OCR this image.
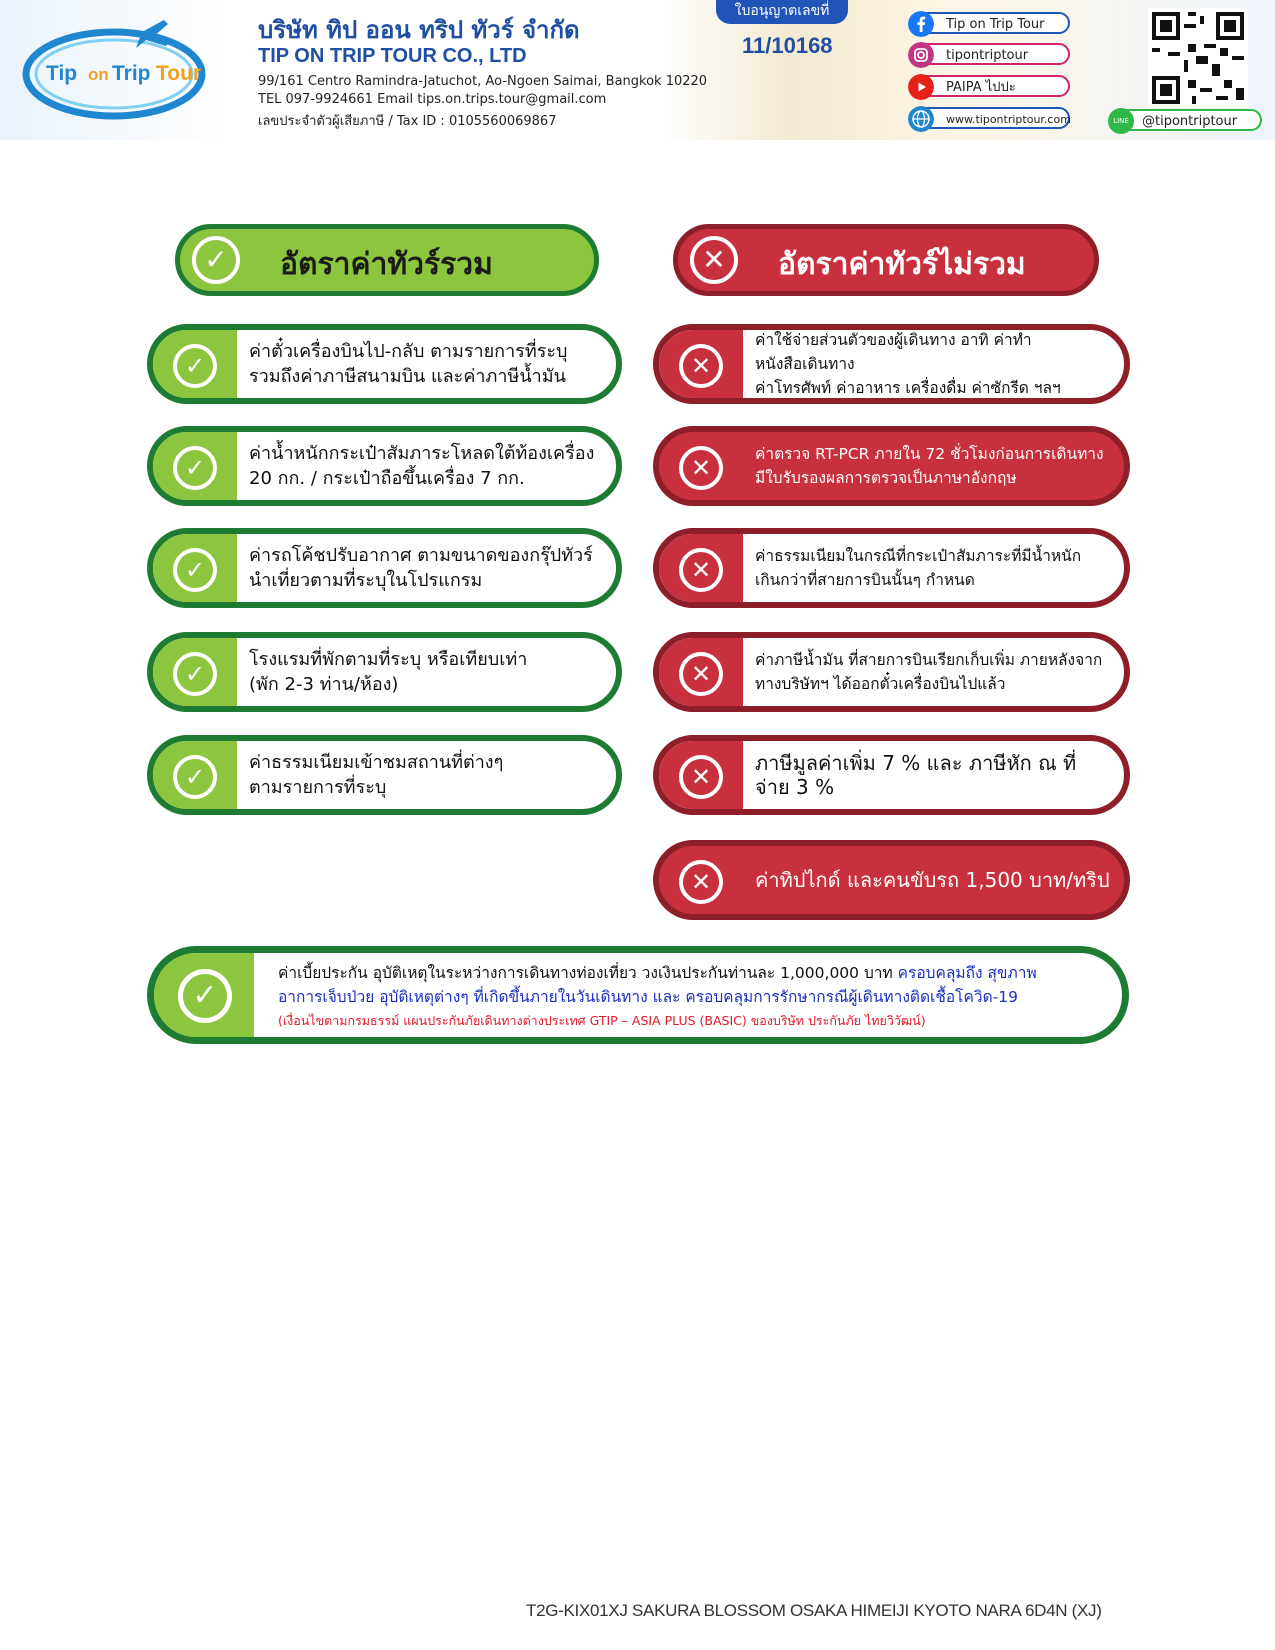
Tip on Trip Tour
บริษัท ทิป ออน ทริป ทัวร์ จำกัด
TIP ON TRIP TOUR CO., LTD
99/161 Centro Ramindra-Jatuchot, Ao-Ngoen Saimai, Bangkok 10220
TEL 097-9924661 Email tips.on.trips.tour@gmail.com
เลขประจำตัวผู้เสียภาษี / Tax ID : 0105560069867
ใบอนุญาตเลขที่
11/10168
Tip on Trip Tour
tipontriptour
PAIPA ไปปะ
www.tipontriptour.com	LINE	@tipontriptour
✓	อัตราค่าทัวร์รวม	✕	อัตราค่าทัวร์ไม่รวม
✓
ค่าตั๋วเครื่องบินไป-กลับ ตามรายการที่ระบุ
รวมถึงค่าภาษีสนามบิน และค่าภาษีน้ำมัน
✓
ค่าน้ำหนักกระเป๋าสัมภาระโหลดใต้ท้องเครื่อง
20 กก. / กระเป๋าถือขึ้นเครื่อง 7 กก.
✓
ค่ารถโค้ชปรับอากาศ ตามขนาดของกรุ๊ปทัวร์
นำเที่ยวตามที่ระบุในโปรแกรม
✓
โรงแรมที่พักตามที่ระบุ หรือเทียบเท่า
(พัก 2-3 ท่าน/ห้อง)
✓
ค่าธรรมเนียมเข้าชมสถานที่ต่างๆ
ตามรายการที่ระบุ
✕
ค่าใช้จ่ายส่วนตัวของผู้เดินทาง อาทิ ค่าทำหนังสือเดินทาง
ค่าโทรศัพท์ ค่าอาหาร เครื่องดื่ม ค่าซักรีด ฯลฯ
✕	ค่าตรวจ RT-PCR ภายใน 72 ชั่วโมงก่อนการเดินทาง
มีใบรับรองผลการตรวจเป็นภาษาอังกฤษ
✕	ค่าธรรมเนียมในกรณีที่กระเป๋าสัมภาระที่มีน้ำหนัก
เกินกว่าที่สายการบินนั้นๆ กำหนด
✕	ค่าภาษีน้ำมัน ที่สายการบินเรียกเก็บเพิ่ม ภายหลังจาก
ทางบริษัทฯ ได้ออกตั๋วเครื่องบินไปแล้ว
✕	ภาษีมูลค่าเพิ่ม 7 % และ ภาษีหัก ณ ที่จ่าย 3 %
✕	ค่าทิปไกด์ และคนขับรถ 1,500 บาท/ทริป
✓
ค่าเบี้ยประกัน อุบัติเหตุในระหว่างการเดินทางท่องเที่ยว วงเงินประกันท่านละ 1,000,000 บาท ครอบคลุมถึง สุขภาพ
อาการเจ็บป่วย อุบัติเหตุต่างๆ ที่เกิดขึ้นภายในวันเดินทาง และ ครอบคลุมการรักษากรณีผู้เดินทางติดเชื้อโควิด-19
(เงื่อนไขตามกรมธรรม์ แผนประกันภัยเดินทางต่างประเทศ GTIP – ASIA PLUS (BASIC) ของบริษัท ประกันภัย ไทยวิวัฒน์)
T2G-KIX01XJ SAKURA BLOSSOM OSAKA HIMEIJI KYOTO NARA 6D4N (XJ)
